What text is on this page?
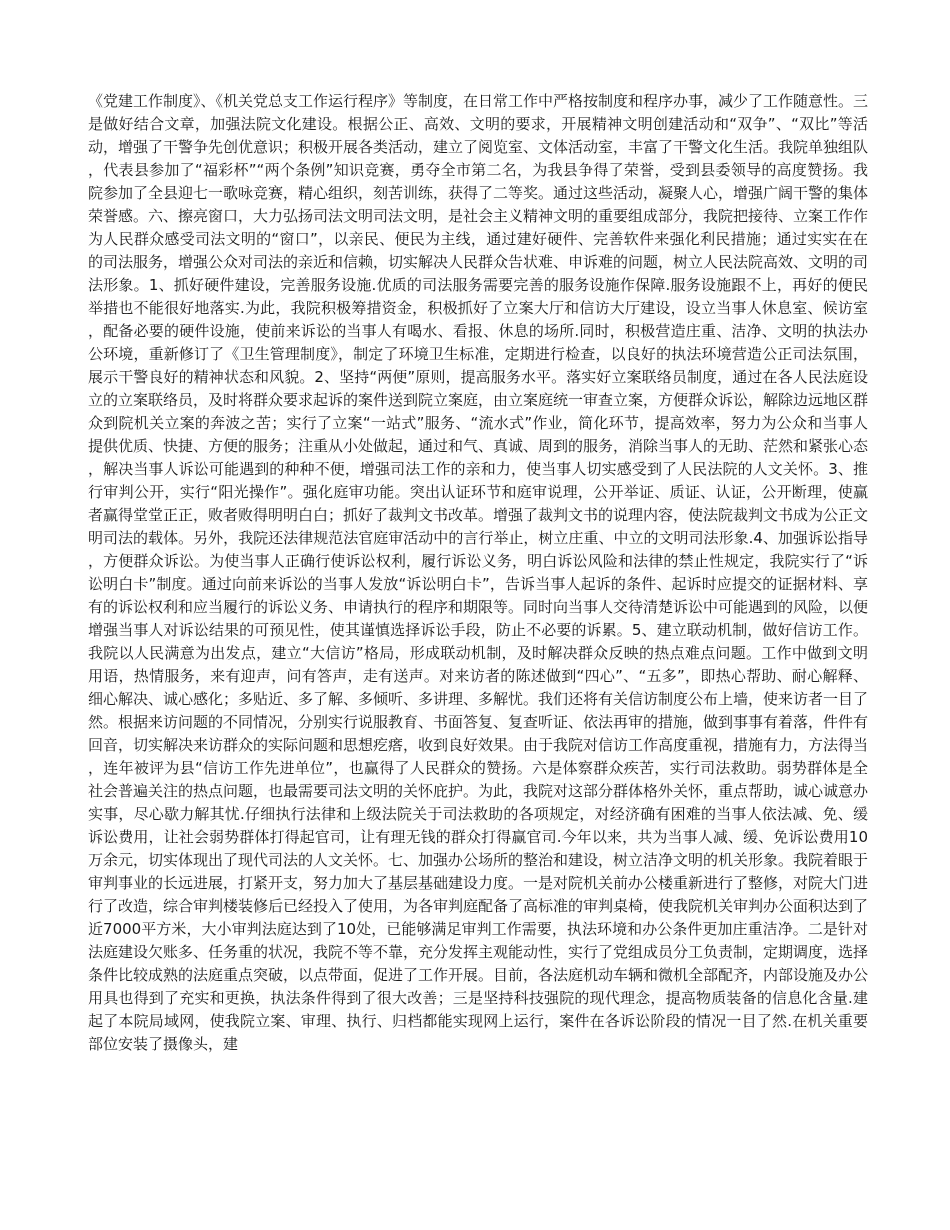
《党建工作制度》、《机关党总支工作运行程序》等制度，在日常工作中严格按制度和程序办事，减少了工作随意性。三是做好结合文章，加强法院文化建设。根据公正、高效、文明的要求，开展精神文明创建活动和“双争”、“双比”等活动，增强了干警争先创优意识；积极开展各类活动，建立了阅览室、文体活动室，丰富了干警文化生活。我院单独组队，代表县参加了“福彩杯”“两个条例”知识竞赛，勇夺全市第二名，为我县争得了荣誉，受到县委领导的高度赞扬。我院参加了全县迎七一歌咏竞赛，精心组织，刻苦训练，获得了二等奖。通过这些活动，凝聚人心，增强广阔干警的集体荣誉感。六、擦亮窗口，大力弘扬司法文明司法文明，是社会主义精神文明的重要组成部分，我院把接待、立案工作作为人民群众感受司法文明的“窗口”，以亲民、便民为主线，通过建好硬件、完善软件来强化利民措施；通过实实在在的司法服务，增强公众对司法的亲近和信赖，切实解决人民群众告状难、申诉难的问题，树立人民法院高效、文明的司法形象。1、抓好硬件建设，完善服务设施.优质的司法服务需要完善的服务设施作保障.服务设施跟不上，再好的便民举措也不能很好地落实.为此，我院积极筹措资金，积极抓好了立案大厅和信访大厅建设，设立当事人休息室、候访室，配备必要的硬件设施，使前来诉讼的当事人有喝水、看报、休息的场所.同时，积极营造庄重、洁净、文明的执法办公环境，重新修订了《卫生管理制度》，制定了环境卫生标准，定期进行检查，以良好的执法环境营造公正司法氛围，展示干警良好的精神状态和风貌。2、坚持“两便”原则，提高服务水平。落实好立案联络员制度，通过在各人民法庭设立的立案联络员，及时将群众要求起诉的案件送到院立案庭，由立案庭统一审查立案，方便群众诉讼，解除边远地区群众到院机关立案的奔波之苦；实行了立案“一站式”服务、“流水式”作业，简化环节，提高效率，努力为公众和当事人提供优质、快捷、方便的服务；注重从小处做起，通过和气、真诚、周到的服务，消除当事人的无助、茫然和紧张心态，解决当事人诉讼可能遇到的种种不便，增强司法工作的亲和力，使当事人切实感受到了人民法院的人文关怀。3、推行审判公开，实行“阳光操作”。强化庭审功能。突出认证环节和庭审说理，公开举证、质证、认证，公开断理，使赢者赢得堂堂正正，败者败得明明白白；抓好了裁判文书改革。增强了裁判文书的说理内容，使法院裁判文书成为公正文明司法的载体。另外，我院还法律规范法官庭审活动中的言行举止，树立庄重、中立的文明司法形象.4、加强诉讼指导，方便群众诉讼。为使当事人正确行使诉讼权利，履行诉讼义务，明白诉讼风险和法律的禁止性规定，我院实行了“诉讼明白卡”制度。通过向前来诉讼的当事人发放“诉讼明白卡”，告诉当事人起诉的条件、起诉时应提交的证据材料、享有的诉讼权利和应当履行的诉讼义务、申请执行的程序和期限等。同时向当事人交待清楚诉讼中可能遇到的风险，以便增强当事人对诉讼结果的可预见性，使其谨慎选择诉讼手段，防止不必要的诉累。5、建立联动机制，做好信访工作。我院以人民满意为出发点，建立“大信访”格局，形成联动机制，及时解决群众反映的热点难点问题。工作中做到文明用语，热情服务，来有迎声，问有答声，走有送声。对来访者的陈述做到“四心”、“五多”，即热心帮助、耐心解释、细心解决、诚心感化；多贴近、多了解、多倾听、多讲理、多解忧。我们还将有关信访制度公布上墙，使来访者一目了然。根据来访问题的不同情况，分别实行说服教育、书面答复、复查听证、依法再审的措施，做到事事有着落，件件有回音，切实解决来访群众的实际问题和思想疙瘩，收到良好效果。由于我院对信访工作高度重视，措施有力，方法得当，连年被评为县“信访工作先进单位”，也赢得了人民群众的赞扬。六是体察群众疾苦，实行司法救助。弱势群体是全社会普遍关注的热点问题，也最需要司法文明的关怀庇护。为此，我院对这部分群体格外关怀，重点帮助，诚心诚意办实事，尽心歇力解其忧.仔细执行法律和上级法院关于司法救助的各项规定，对经济确有困难的当事人依法减、免、缓诉讼费用，让社会弱势群体打得起官司，让有理无钱的群众打得赢官司.今年以来，共为当事人减、缓、免诉讼费用10万余元，切实体现出了现代司法的人文关怀。七、加强办公场所的整治和建设，树立洁净文明的机关形象。我院着眼于审判事业的长远进展，打紧开支，努力加大了基层基础建设力度。一是对院机关前办公楼重新进行了整修，对院大门进行了改造，综合审判楼装修后已经投入了使用，为各审判庭配备了高标准的审判桌椅，使我院机关审判办公面积达到了近7000平方米，大小审判法庭达到了10处，已能够满足审判工作需要，执法环境和办公条件更加庄重洁净。二是针对法庭建设欠账多、任务重的状况，我院不等不靠，充分发挥主观能动性，实行了党组成员分工负责制，定期调度，选择条件比较成熟的法庭重点突破，以点带面，促进了工作开展。目前，各法庭机动车辆和微机全部配齐，内部设施及办公用具也得到了充实和更换，执法条件得到了很大改善；三是坚持科技强院的现代理念，提高物质装备的信息化含量.建起了本院局域网，使我院立案、审理、执行、归档都能实现网上运行，案件在各诉讼阶段的情况一目了然.在机关重要部位安装了摄像头，建
